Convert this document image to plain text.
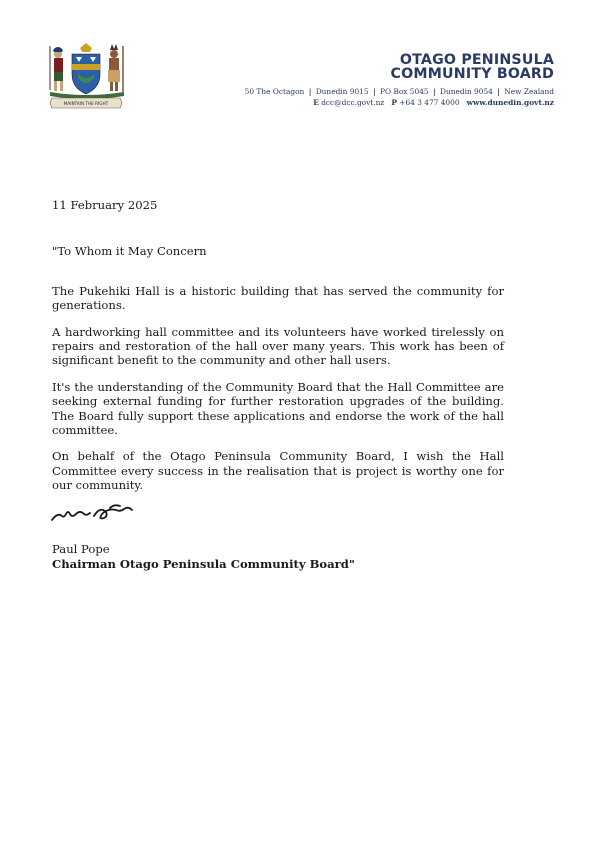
MAINTAIN THE RIGHT
OTAGO PENINSULA
COMMUNITY BOARD
50 The Octagon | Dunedin 9015 | PO Box 5045 | Dunedin 9054 | New Zealand
E dcc@dcc.govt.nz P +64 3 477 4000 www.dunedin.govt.nz

11 February 2025

"To Whom it May Concern

The Pukehiki Hall is a historic building that has served the community for generations.

A hardworking hall committee and its volunteers have worked tirelessly on repairs and restoration of the hall over many years. This work has been of significant benefit to the community and other hall users.

It's the understanding of the Community Board that the Hall Committee are seeking external funding for further restoration upgrades of the building. The Board fully support these applications and endorse the work of the hall committee.

On behalf of the Otago Peninsula Community Board, I wish the Hall Committee every success in the realisation that is project is worthy one for our community.

Paul Pope
Chairman Otago Peninsula Community Board"
